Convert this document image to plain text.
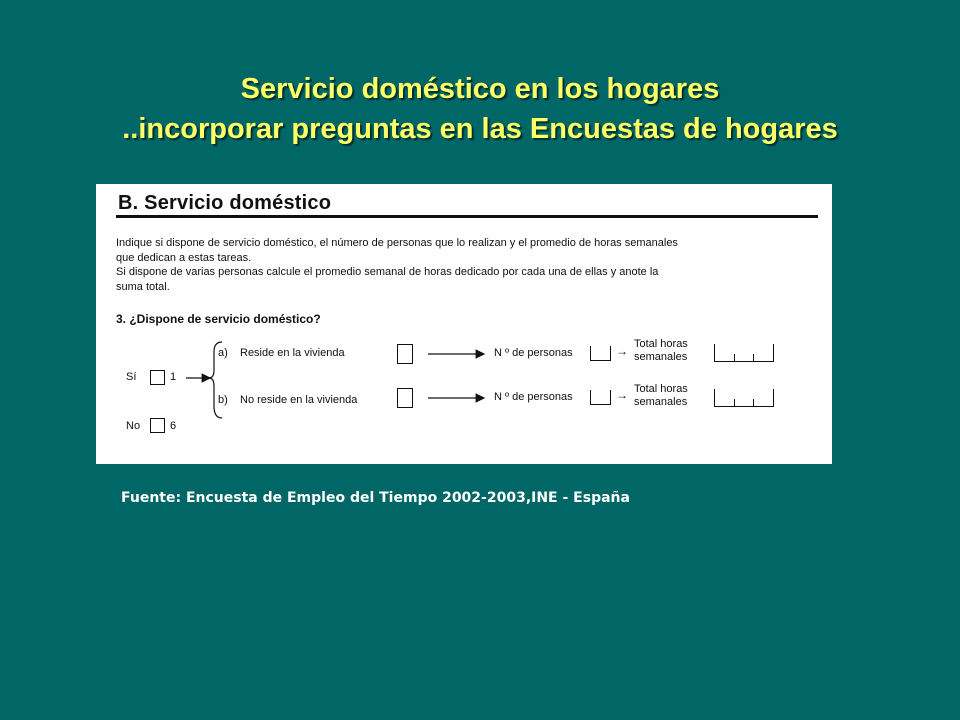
Servicio doméstico en los hogares
..incorporar preguntas en las Encuestas de hogares
B. Servicio doméstico

Indique si dispone de servicio doméstico, el número de personas que lo realizan y el promedio de horas semanales
que dedican a estas tareas.
Si dispone de varias personas calcule el promedio semanal de horas dedicado por cada una de ellas y anote la
suma total.

3. ¿Dispone de servicio doméstico?

Sí	1
No	6
a) Reside en la vivienda	N º de personas	→ Total horas
semanales
b) No reside en la vivienda	N º de personas	→ Total horas
semanales

Fuente: Encuesta de Empleo del Tiempo 2002-2003,INE - España
